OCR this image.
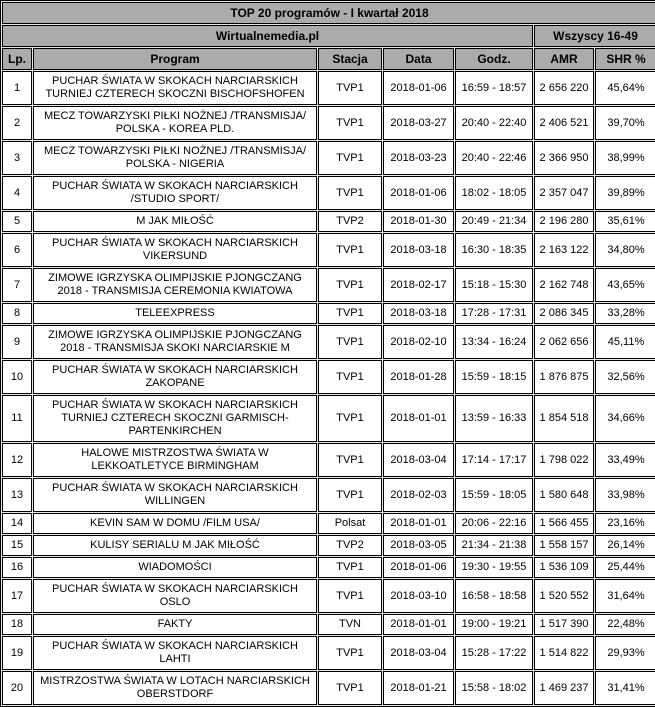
TOP 20 programów - I kwartał 2018						
Wirtualnemedia.pl					Wszyscy 16-49	
Lp.	Program	Stacja	Data	Godz.	AMR	SHR %
1	PUCHAR ŚWIATA W SKOKACH NARCIARSKICH TURNIEJ CZTERECH SKOCZNI BISCHOFSHOFEN	TVP1	2018-01-06	16:59 - 18:57	2 656 220	45,64%
2	MECZ TOWARZYSKI PIŁKI NOŻNEJ /TRANSMISJA/ POLSKA - KOREA PLD.	TVP1	2018-03-27	20:40 - 22:40	2 406 521	39,70%
3	MECZ TOWARZYSKI PIŁKI NOŻNEJ /TRANSMISJA/ POLSKA - NIGERIA	TVP1	2018-03-23	20:40 - 22:46	2 366 950	38,99%
4	PUCHAR ŚWIATA W SKOKACH NARCIARSKICH /STUDIO SPORT/	TVP1	2018-01-06	18:02 - 18:05	2 357 047	39,89%
5	M JAK MIŁOŚĆ	TVP2	2018-01-30	20:49 - 21:34	2 196 280	35,61%
6	PUCHAR ŚWIATA W SKOKACH NARCIARSKICH VIKERSUND	TVP1	2018-03-18	16:30 - 18:35	2 163 122	34,80%
7	ZIMOWE IGRZYSKA OLIMPIJSKIE PJONGCZANG 2018 - TRANSMISJA CEREMONIA KWIATOWA	TVP1	2018-02-17	15:18 - 15:30	2 162 748	43,65%
8	TELEEXPRESS	TVP1	2018-03-18	17:28 - 17:31	2 086 345	33,28%
9	ZIMOWE IGRZYSKA OLIMPIJSKIE PJONGCZANG 2018 - TRANSMISJA SKOKI NARCIARSKIE M	TVP1	2018-02-10	13:34 - 16:24	2 062 656	45,11%
10	PUCHAR ŚWIATA W SKOKACH NARCIARSKICH ZAKOPANE	TVP1	2018-01-28	15:59 - 18:15	1 876 875	32,56%
11	PUCHAR ŚWIATA W SKOKACH NARCIARSKICH TURNIEJ CZTERECH SKOCZNI GARMISCH-PARTENKIRCHEN	TVP1	2018-01-01	13:59 - 16:33	1 854 518	34,66%
12	HALOWE MISTRZOSTWA ŚWIATA W LEKKOATLETYCE BIRMINGHAM	TVP1	2018-03-04	17:14 - 17:17	1 798 022	33,49%
13	PUCHAR ŚWIATA W SKOKACH NARCIARSKICH WILLINGEN	TVP1	2018-02-03	15:59 - 18:05	1 580 648	33,98%
14	KEVIN SAM W DOMU /FILM USA/	Polsat	2018-01-01	20:06 - 22:16	1 566 455	23,16%
15	KULISY SERIALU M JAK MIŁOŚĆ	TVP2	2018-03-05	21:34 - 21:38	1 558 157	26,14%
16	WIADOMOŚCI	TVP1	2018-01-06	19:30 - 19:55	1 536 109	25,44%
17	PUCHAR ŚWIATA W SKOKACH NARCIARSKICH OSLO	TVP1	2018-03-10	16:58 - 18:58	1 520 552	31,64%
18	FAKTY	TVN	2018-01-01	19:00 - 19:21	1 517 390	22,48%
19	PUCHAR ŚWIATA W SKOKACH NARCIARSKICH LAHTI	TVP1	2018-03-04	15:28 - 17:22	1 514 822	29,93%
20	MISTRZOSTWA ŚWIATA W LOTACH NARCIARSKICH OBERSTDORF	TVP1	2018-01-21	15:58 - 18:02	1 469 237	31,41%
